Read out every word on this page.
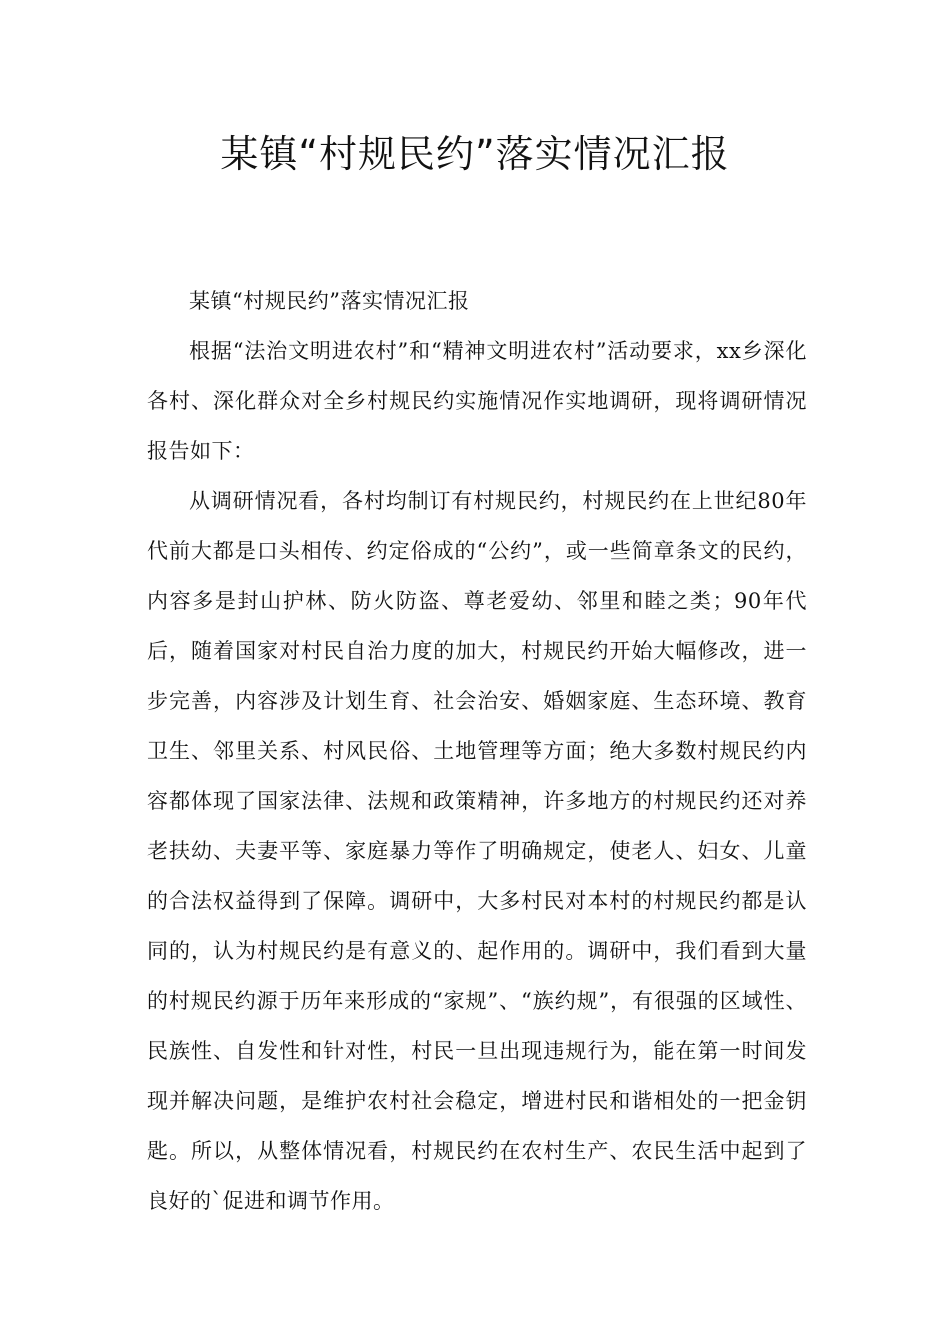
某镇“村规民约”落实情况汇报

某镇“村规民约”落实情况汇报

根据“法治文明进农村”和“精神文明进农村”活动要求，xx乡深化各村、深化群众对全乡村规民约实施情况作实地调研，现将调研情况报告如下：

从调研情况看，各村均制订有村规民约，村规民约在上世纪80年代前大都是口头相传、约定俗成的“公约”，或一些简章条文的民约，内容多是封山护林、防火防盗、尊老爱幼、邻里和睦之类；90年代后，随着国家对村民自治力度的加大，村规民约开始大幅修改，进一步完善，内容涉及计划生育、社会治安、婚姻家庭、生态环境、教育卫生、邻里关系、村风民俗、土地管理等方面；绝大多数村规民约内容都体现了国家法律、法规和政策精神，许多地方的村规民约还对养老扶幼、夫妻平等、家庭暴力等作了明确规定，使老人、妇女、儿童的合法权益得到了保障。调研中，大多村民对本村的村规民约都是认同的，认为村规民约是有意义的、起作用的。调研中，我们看到大量的村规民约源于历年来形成的“家规”、“族约规”，有很强的区域性、民族性、自发性和针对性，村民一旦出现违规行为，能在第一时间发现并解决问题，是维护农村社会稳定，增进村民和谐相处的一把金钥匙。所以，从整体情况看，村规民约在农村生产、农民生活中起到了良好的`促进和调节作用。
